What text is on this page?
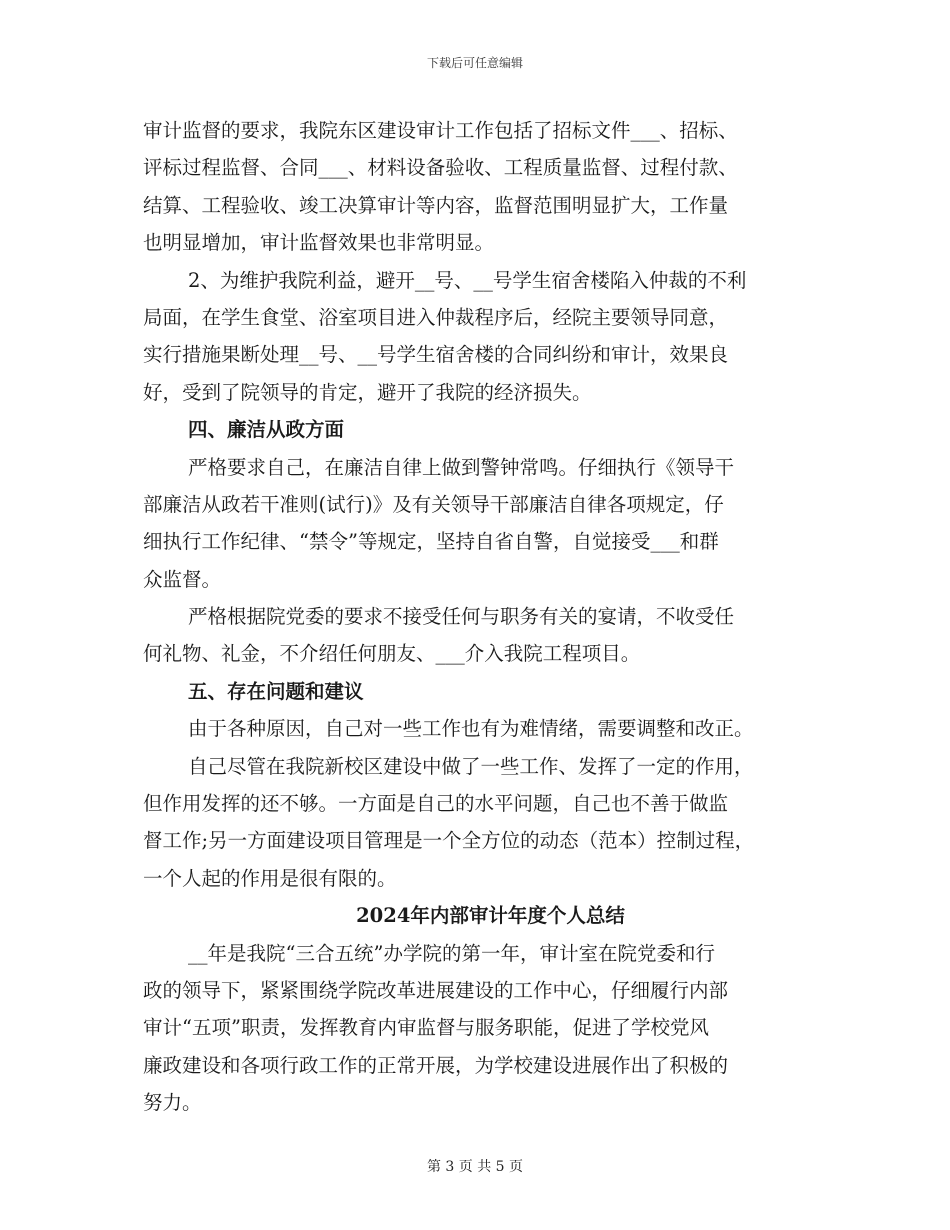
下载后可任意编辑
审计监督的要求，我院东区建设审计工作包括了招标文件___、招标、
评标过程监督、合同___、材料设备验收、工程质量监督、过程付款、
结算、工程验收、竣工决算审计等内容，监督范围明显扩大，工作量
也明显增加，审计监督效果也非常明显。
2、为维护我院利益，避开__号、__号学生宿舍楼陷入仲裁的不利
局面，在学生食堂、浴室项目进入仲裁程序后，经院主要领导同意，
实行措施果断处理__号、__号学生宿舍楼的合同纠纷和审计，效果良
好，受到了院领导的肯定，避开了我院的经济损失。
四、廉洁从政方面
严格要求自己，在廉洁自律上做到警钟常鸣。仔细执行《领导干
部廉洁从政若干准则(试行)》及有关领导干部廉洁自律各项规定，仔
细执行工作纪律、“禁令”等规定，坚持自省自警，自觉接受___和群
众监督。
严格根据院党委的要求不接受任何与职务有关的宴请，不收受任
何礼物、礼金，不介绍任何朋友、___介入我院工程项目。
五、存在问题和建议
由于各种原因，自己对一些工作也有为难情绪，需要调整和改正。
自己尽管在我院新校区建设中做了一些工作、发挥了一定的作用，
但作用发挥的还不够。一方面是自己的水平问题，自己也不善于做监
督工作;另一方面建设项目管理是一个全方位的动态（范本）控制过程，
一个人起的作用是很有限的。
2024年内部审计年度个人总结
__年是我院“三合五统”办学院的第一年，审计室在院党委和行
政的领导下，紧紧围绕学院改革进展建设的工作中心，仔细履行内部
审计“五项”职责，发挥教育内审监督与服务职能，促进了学校党风
廉政建设和各项行政工作的正常开展，为学校建设进展作出了积极的
努力。
第 3 页 共 5 页
